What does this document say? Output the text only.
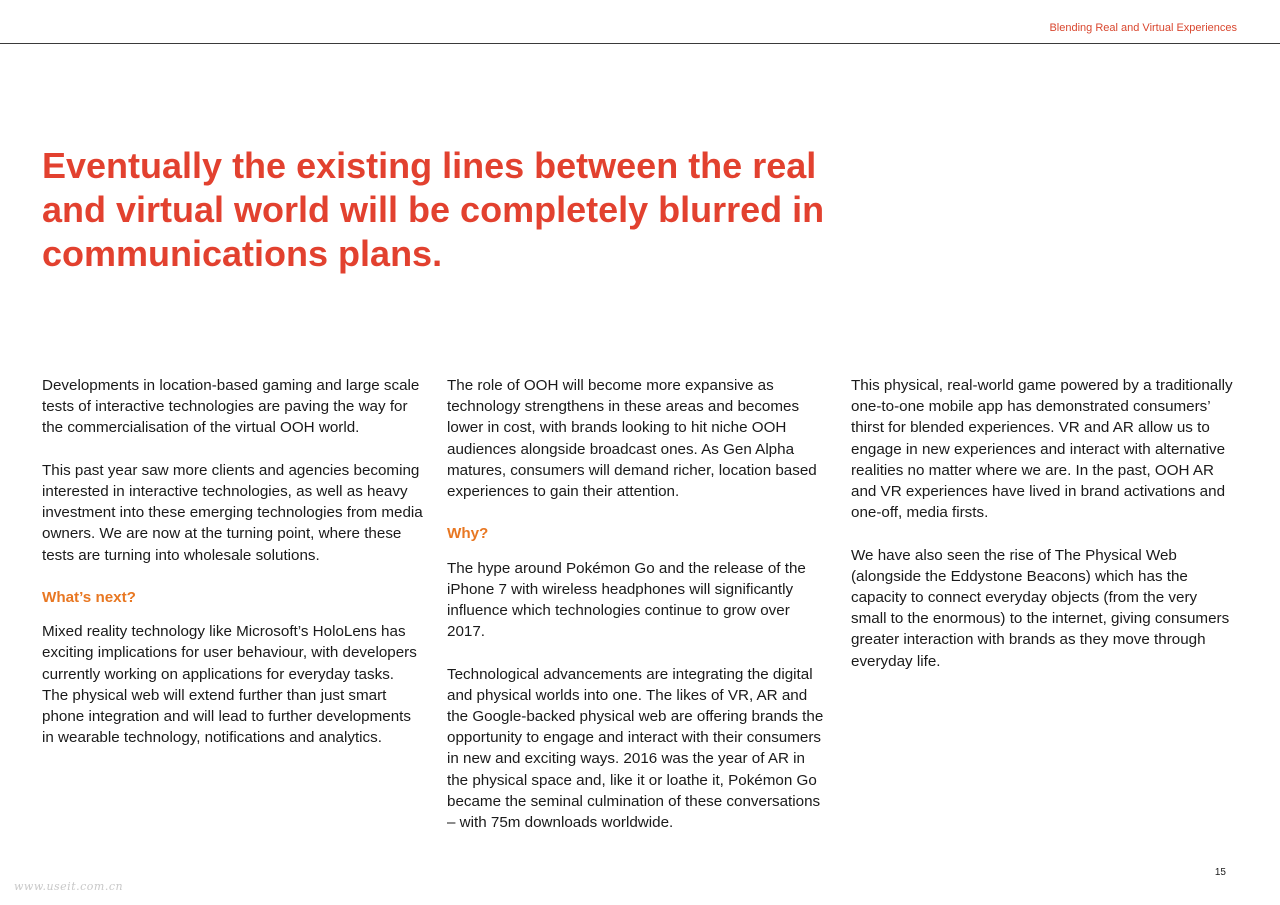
Blending Real and Virtual Experiences
Eventually the existing lines between the real and virtual world will be completely blurred in communications plans.

Developments in location-based gaming and large scale tests of interactive technologies are paving the way for the commercialisation of the virtual OOH world.

This past year saw more clients and agencies becoming interested in interactive technologies, as well as heavy investment into these emerging technologies from media owners. We are now at the turning point, where these tests are turning into wholesale solutions.

What’s next?

Mixed reality technology like Microsoft’s HoloLens has exciting implications for user behaviour, with developers currently working on applications for everyday tasks. The physical web will extend further than just smart phone integration and will lead to further developments in wearable technology, notifications and analytics.

The role of OOH will become more expansive as technology strengthens in these areas and becomes lower in cost, with brands looking to hit niche OOH audiences alongside broadcast ones. As Gen Alpha matures, consumers will demand richer, location based experiences to gain their attention.

Why?

The hype around Pokémon Go and the release of the iPhone 7 with wireless headphones will significantly influence which technologies continue to grow over 2017.

Technological advancements are integrating the digital and physical worlds into one. The likes of VR, AR and the Google-backed physical web are offering brands the opportunity to engage and interact with their consumers in new and exciting ways. 2016 was the year of AR in the physical space and, like it or loathe it, Pokémon Go became the seminal culmination of these conversations – with 75m downloads worldwide.

This physical, real-world game powered by a traditionally one-to-one mobile app has demonstrated consumers’ thirst for blended experiences. VR and AR allow us to engage in new experiences and interact with alternative realities no matter where we are. In the past, OOH AR and VR experiences have lived in brand activations and one-off, media firsts.

We have also seen the rise of The Physical Web (alongside the Eddystone Beacons) which has the capacity to connect everyday objects (from the very small to the enormous) to the internet, giving consumers greater interaction with brands as they move through everyday life.

15
www.useit.com.cn
